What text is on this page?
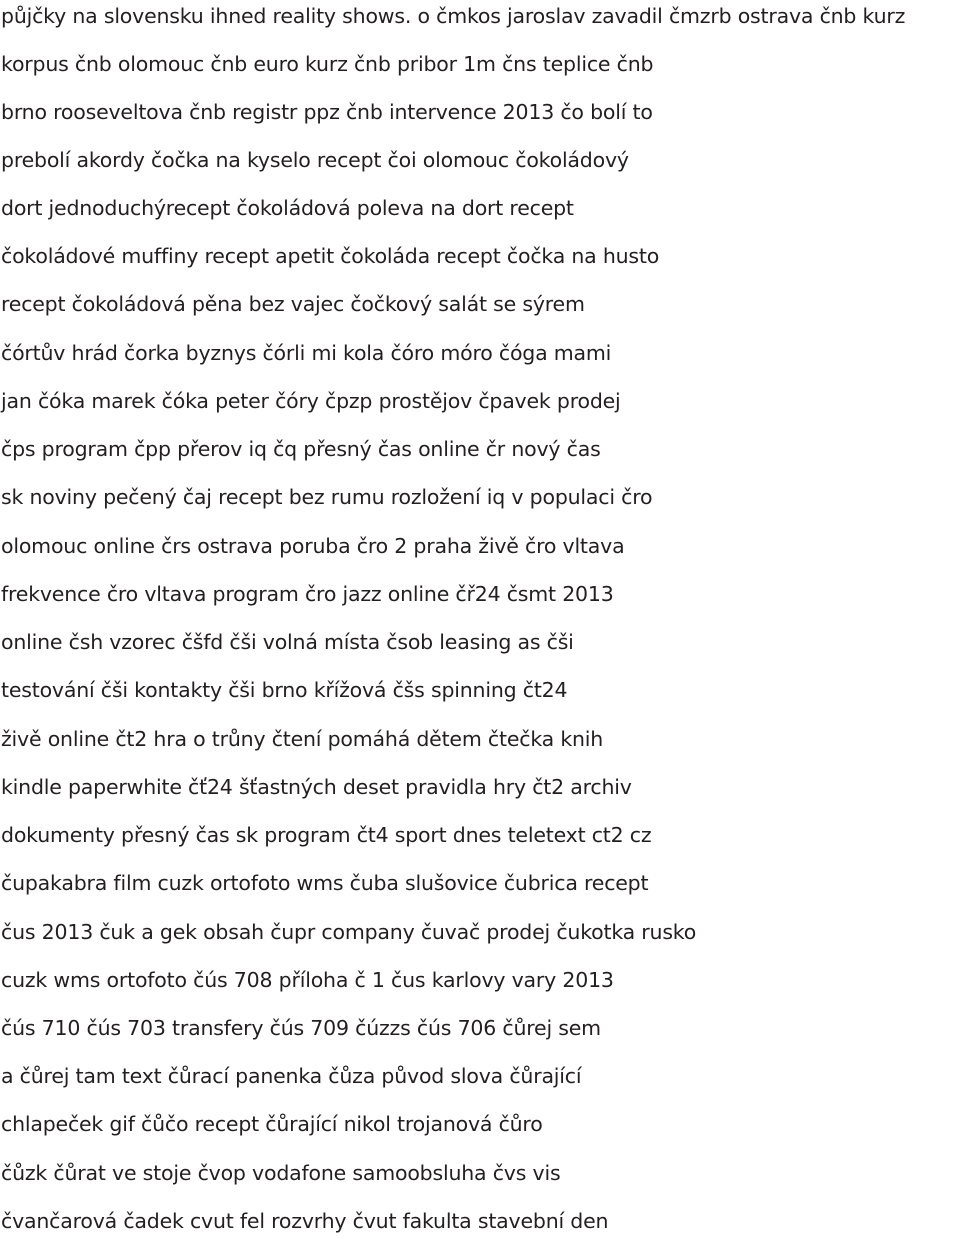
půjčky na slovensku ihned reality shows. o čmkos jaroslav zavadil čmzrb ostrava čnb kurz
korpus čnb olomouc čnb euro kurz čnb pribor 1m čns teplice čnb
brno rooseveltova čnb registr ppz čnb intervence 2013 čo bolí to
prebolí akordy čočka na kyselo recept čoi olomouc čokoládový
dort jednoduchýrecept čokoládová poleva na dort recept
čokoládové muffiny recept apetit čokoláda recept čočka na husto
recept čokoládová pěna bez vajec čočkový salát se sýrem
čórtův hrád čorka byznys čórli mi kola čóro móro čóga mami
jan čóka marek čóka peter čóry čpzp prostějov čpavek prodej
čps program čpp přerov iq čq přesný čas online čr nový čas
sk noviny pečený čaj recept bez rumu rozložení iq v populaci čro
olomouc online črs ostrava poruba čro 2 praha živě čro vltava
frekvence čro vltava program čro jazz online čř24 čsmt 2013
online čsh vzorec čšfd čši volná místa čsob leasing as čši
testování čši kontakty čši brno křížová čšs spinning čt24
živě online čt2 hra o trůny čtení pomáhá dětem čtečka knih
kindle paperwhite čť24 šťastných deset pravidla hry čt2 archiv
dokumenty přesný čas sk program čt4 sport dnes teletext ct2 cz
čupakabra film cuzk ortofoto wms čuba slušovice čubrica recept
čus 2013 čuk a gek obsah čupr company čuvač prodej čukotka rusko
cuzk wms ortofoto čús 708 příloha č 1 čus karlovy vary 2013
čús 710 čús 703 transfery čús 709 čúzzs čús 706 čůrej sem
a čůrej tam text čůrací panenka čůza původ slova čůrající
chlapeček gif čůčo recept čůrající nikol trojanová čůro
čůzk čůrat ve stoje čvop vodafone samoobsluha čvs vis
čvančarová čadek cvut fel rozvrhy čvut fakulta stavební den
